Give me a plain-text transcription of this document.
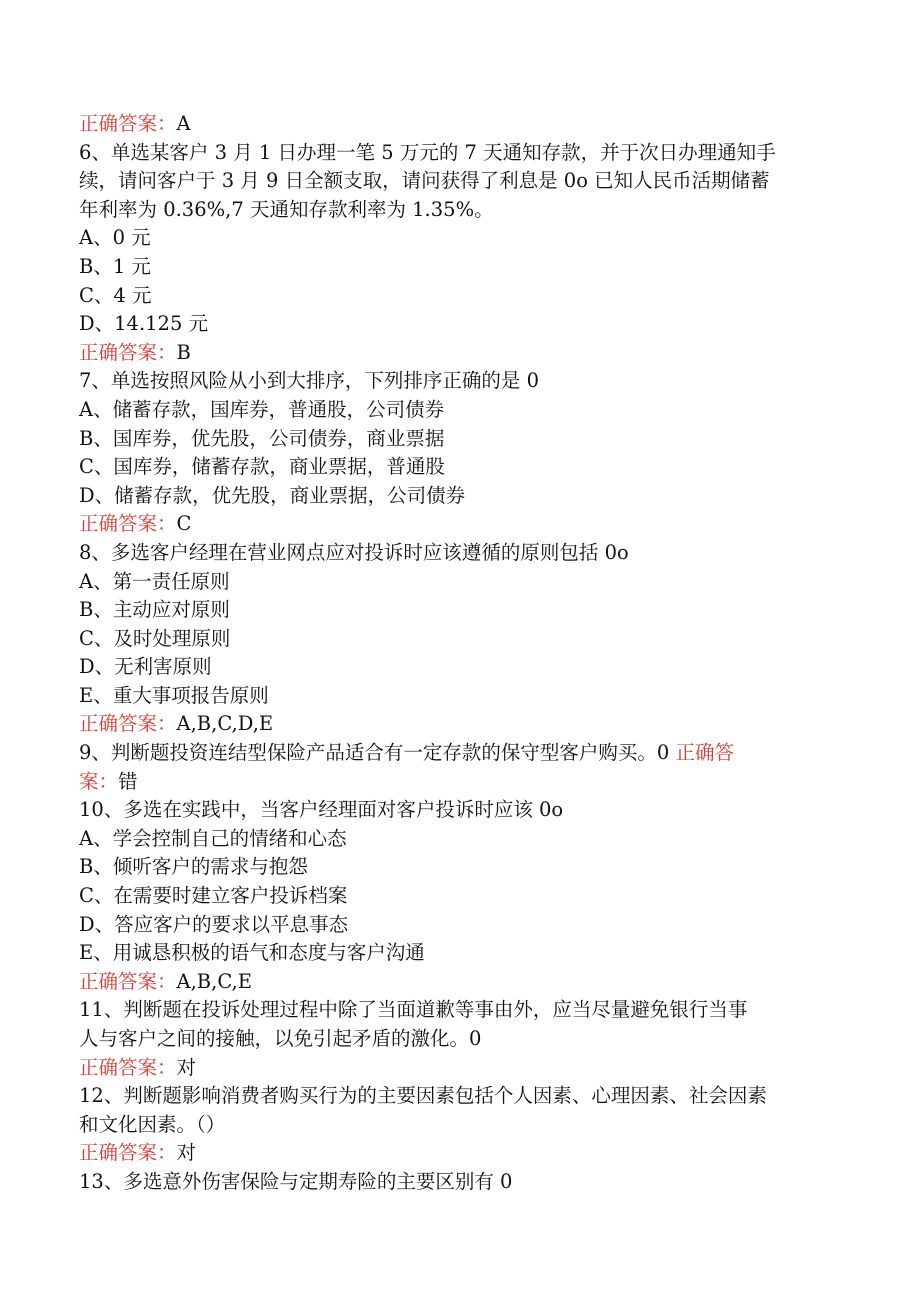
正确答案：A
6、单选某客户 3 月 1 日办理一笔 5 万元的 7 天通知存款，并于次日办理通知手
续，请问客户于 3 月 9 日全额支取，请问获得了利息是 0o 已知人民币活期储蓄
年利率为 0.36%,7 天通知存款利率为 1.35%。
A、0 元
B、1 元
C、4 元
D、14.125 元
正确答案：B
7、单选按照风险从小到大排序，下列排序正确的是 0
A、储蓄存款，国库券，普通股，公司债券
B、国库券，优先股，公司债券，商业票据
C、国库券，储蓄存款，商业票据，普通股
D、储蓄存款，优先股，商业票据，公司债券
正确答案：C
8、多选客户经理在营业网点应对投诉时应该遵循的原则包括 0o
A、第一责任原则
B、主动应对原则
C、及时处理原则
D、无利害原则
E、重大事项报告原则
正确答案：A,B,C,D,E
9、判断题投资连结型保险产品适合有一定存款的保守型客户购买。0 正确答
案：错
10、多选在实践中，当客户经理面对客户投诉时应该 0o
A、学会控制自己的情绪和心态
B、倾听客户的需求与抱怨
C、在需要时建立客户投诉档案
D、答应客户的要求以平息事态
E、用诚恳积极的语气和态度与客户沟通
正确答案：A,B,C,E
11、判断题在投诉处理过程中除了当面道歉等事由外，应当尽量避免银行当事
人与客户之间的接触，以免引起矛盾的激化。0
正确答案：对
12、判断题影响消费者购买行为的主要因素包括个人因素、心理因素、社会因素
和文化因素。（）
正确答案：对
13、多选意外伤害保险与定期寿险的主要区别有 0
